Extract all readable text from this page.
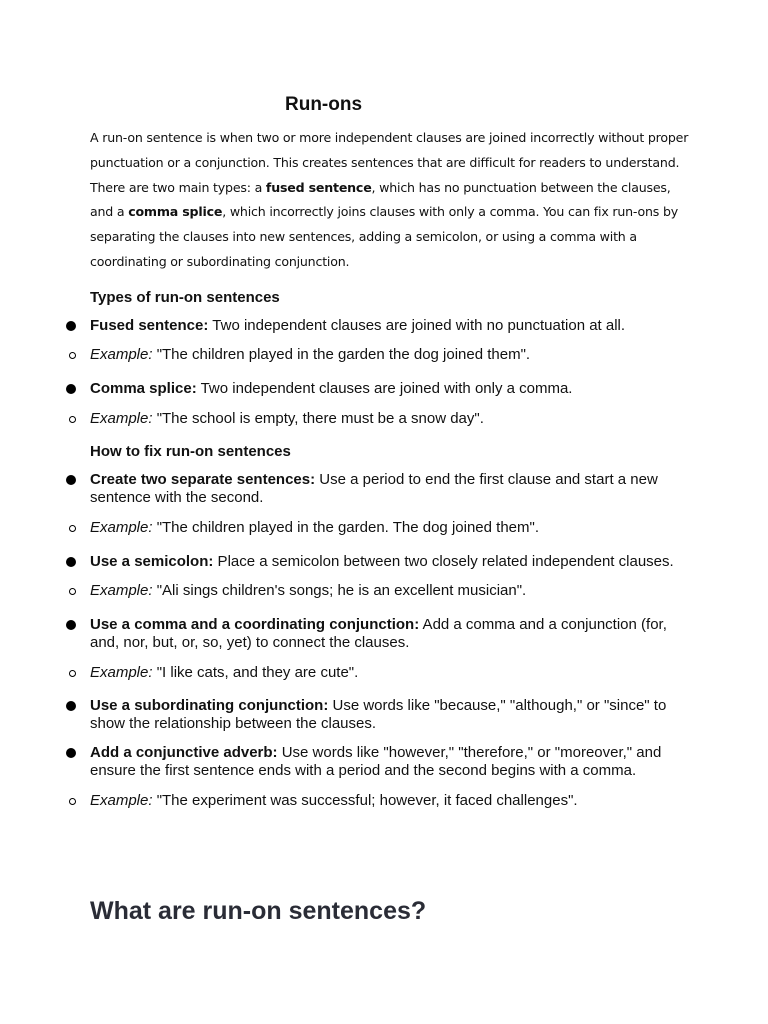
Run-ons

A run-on sentence is when two or more independent clauses are joined incorrectly without proper punctuation or a conjunction. This creates sentences that are difficult for readers to understand. There are two main types: a fused sentence, which has no punctuation between the clauses, and a comma splice, which incorrectly joins clauses with only a comma. You can fix run-ons by separating the clauses into new sentences, adding a semicolon, or using a comma with a coordinating or subordinating conjunction.

Types of run-on sentences
Fused sentence: Two independent clauses are joined with no punctuation at all.
Example: "The children played in the garden the dog joined them".
Comma splice: Two independent clauses are joined with only a comma.
Example: "The school is empty, there must be a snow day".
How to fix run-on sentences
Create two separate sentences: Use a period to end the first clause and start a new sentence with the second.
Example: "The children played in the garden. The dog joined them".
Use a semicolon: Place a semicolon between two closely related independent clauses.
Example: "Ali sings children's songs; he is an excellent musician".
Use a comma and a coordinating conjunction: Add a comma and a conjunction (for, and, nor, but, or, so, yet) to connect the clauses.
Example: "I like cats, and they are cute".
Use a subordinating conjunction: Use words like "because," "although," or "since" to show the relationship between the clauses.
Add a conjunctive adverb: Use words like "however," "therefore," or "moreover," and ensure the first sentence ends with a period and the second begins with a comma.
Example: "The experiment was successful; however, it faced challenges".
What are run-on sentences?
